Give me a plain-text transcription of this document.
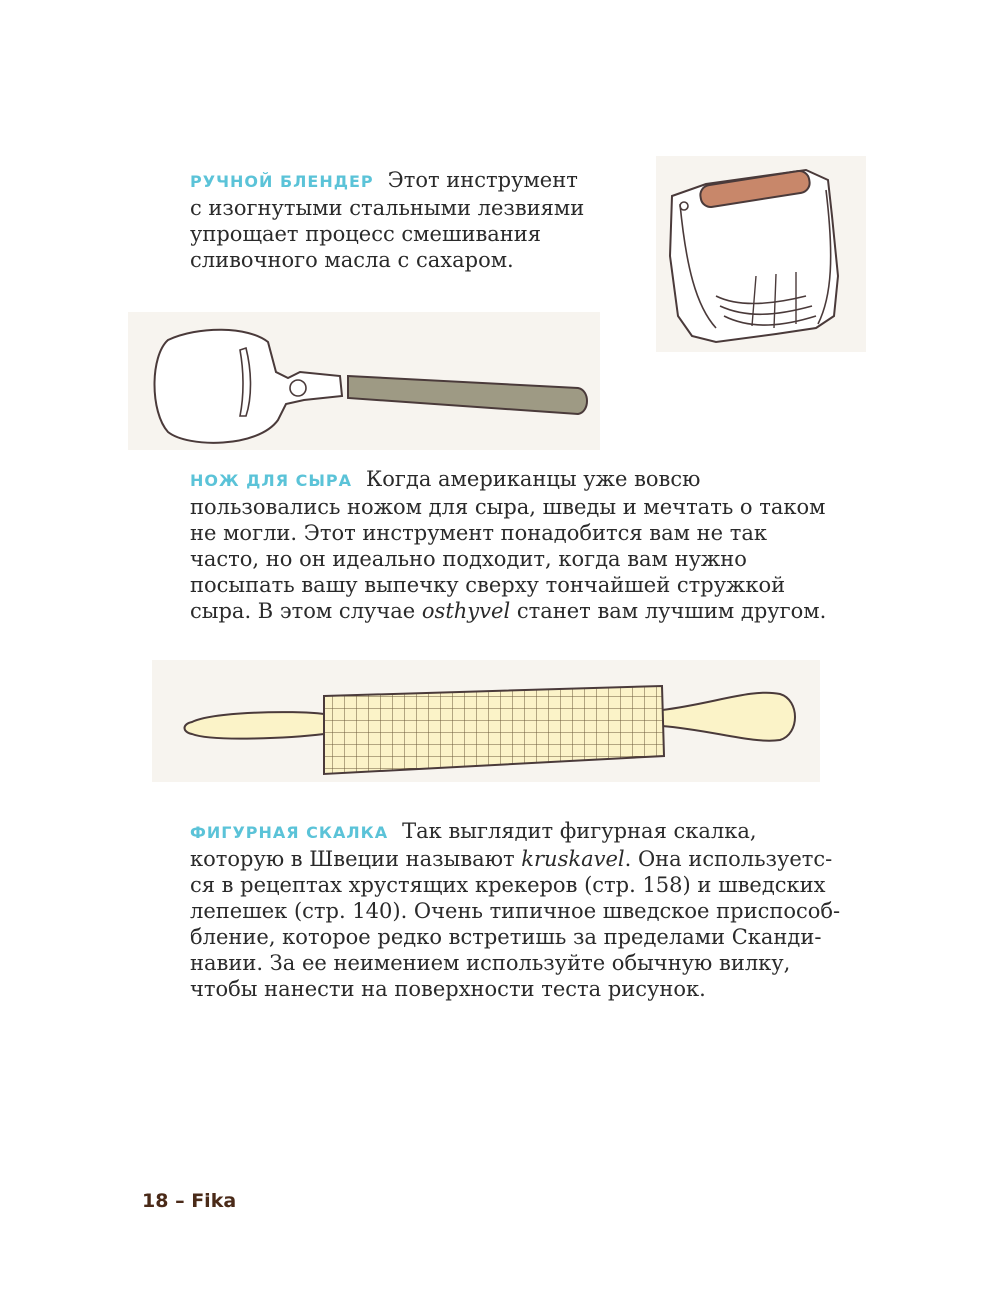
РУЧНОЙ БЛЕНДЕР Этот инструмент
с изогнутыми стальными лезвиями
упрощает процесс смешивания
сливочного масла с сахаром.
НОЖ ДЛЯ СЫРА Когда американцы уже вовсю
пользовались ножом для сыра, шведы и мечтать о таком
не могли. Этот инструмент понадобится вам не так
часто, но он идеально подходит, когда вам нужно
посыпать вашу выпечку сверху тончайшей стружкой
сыра. В этом случае osthyvel станет вам лучшим другом.
ФИГУРНАЯ СКАЛКА Так выглядит фигурная скалка,
которую в Швеции называют kruskavel. Она используетс-
ся в рецептах хрустящих крекеров (стр. 158) и шведских
лепешек (стр. 140). Очень типичное шведское приспособ-
бление, которое редко встретишь за пределами Сканди-
навии. За ее неимением используйте обычную вилку,
чтобы нанести на поверхности теста рисунок.
18 – Fika
